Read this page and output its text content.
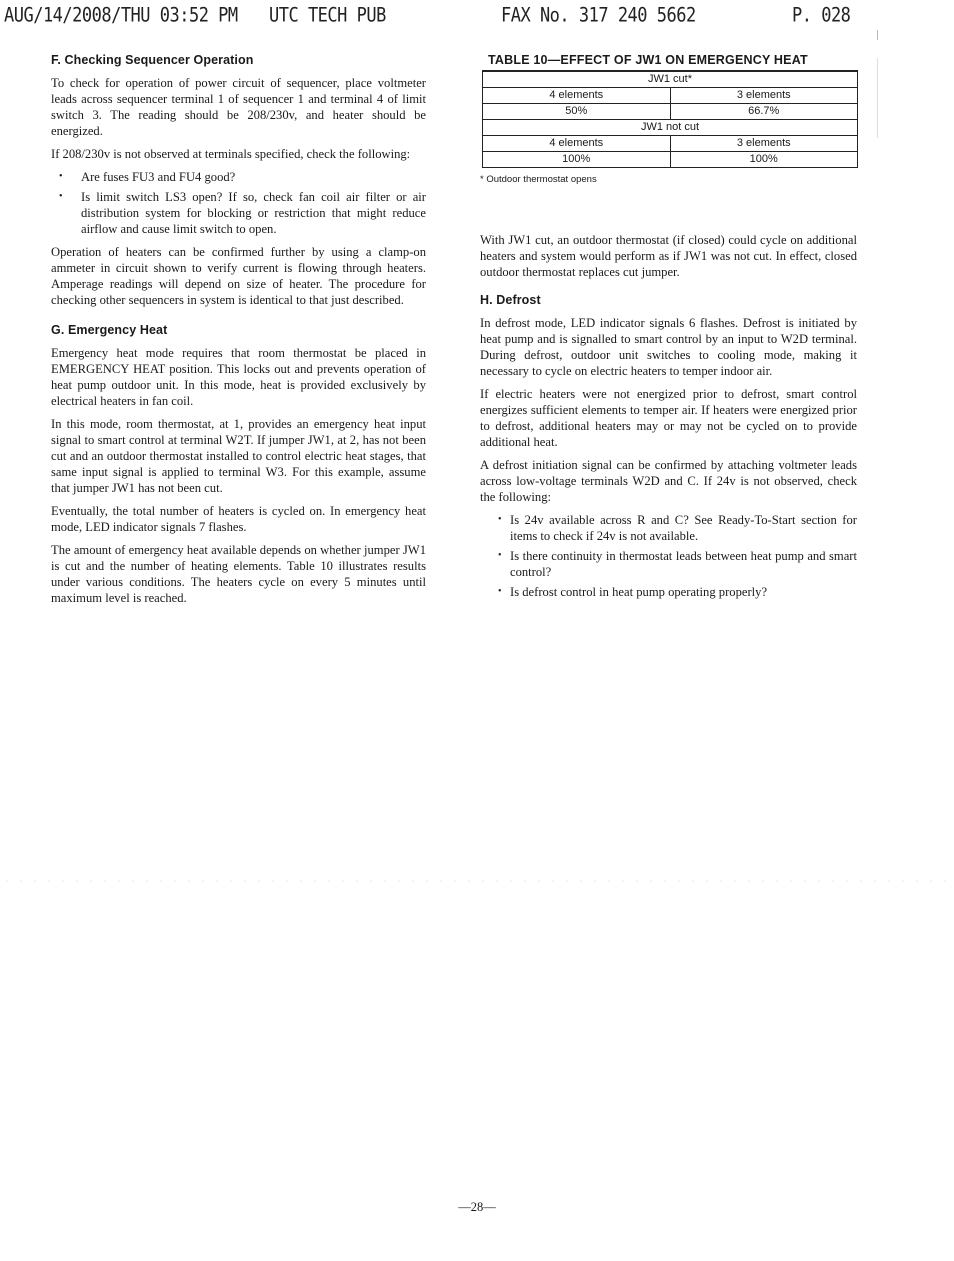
AUG/14/2008/THU 03:52 PM UTC TECH PUB	FAX No. 317 240 5662	P. 028
F. Checking Sequencer Operation

To check for operation of power circuit of sequencer, place voltmeter leads across sequencer terminal 1 of sequencer 1 and terminal 4 of limit switch 3. The reading should be 208/230v, and heater should be energized.

If 208/230v is not observed at terminals specified, check the following:

• Are fuses FU3 and FU4 good?
• Is limit switch LS3 open? If so, check fan coil air filter or air distribution system for blocking or restriction that might reduce airflow and cause limit switch to open.

Operation of heaters can be confirmed further by using a clamp-on ammeter in circuit shown to verify current is flowing through heaters. Amperage readings will depend on size of heater. The procedure for checking other sequencers in system is identical to that just described.

G. Emergency Heat

Emergency heat mode requires that room thermostat be placed in EMERGENCY HEAT position. This locks out and prevents operation of heat pump outdoor unit. In this mode, heat is provided exclusively by electrical heaters in fan coil.

In this mode, room thermostat, at 1, provides an emergency heat input signal to smart control at terminal W2T. If jumper JW1, at 2, has not been cut and an outdoor thermostat installed to control electric heat stages, that same input signal is applied to terminal W3. For this example, assume that jumper JW1 has not been cut.

Eventually, the total number of heaters is cycled on. In emergency heat mode, LED indicator signals 7 flashes.

The amount of emergency heat available depends on whether jumper JW1 is cut and the number of heating elements. Table 10 illustrates results under various conditions. The heaters cycle on every 5 minutes until maximum level is reached.

TABLE 10—EFFECT OF JW1 ON EMERGENCY HEAT
JW1 cut*	
4 elements	3 elements
50%	66.7%
JW1 not cut	
4 elements	3 elements
100%	100%
* Outdoor thermostat opens

With JW1 cut, an outdoor thermostat (if closed) could cycle on additional heaters and system would perform as if JW1 was not cut. In effect, closed outdoor thermostat replaces cut jumper.

H. Defrost

In defrost mode, LED indicator signals 6 flashes. Defrost is initiated by heat pump and is signalled to smart control by an input to W2D terminal. During defrost, outdoor unit switches to cooling mode, making it necessary to cycle on electric heaters to temper indoor air.

If electric heaters were not energized prior to defrost, smart control energizes sufficient elements to temper air. If heaters were energized prior to defrost, additional heaters may or may not be cycled on to provide additional heat.

A defrost initiation signal can be confirmed by attaching voltmeter leads across low-voltage terminals W2D and C. If 24v is not observed, check the following:

• Is 24v available across R and C? See Ready-To-Start section for items to check if 24v is not available.
• Is there continuity in thermostat leads between heat pump and smart control?
• Is defrost control in heat pump operating properly?
—28—
